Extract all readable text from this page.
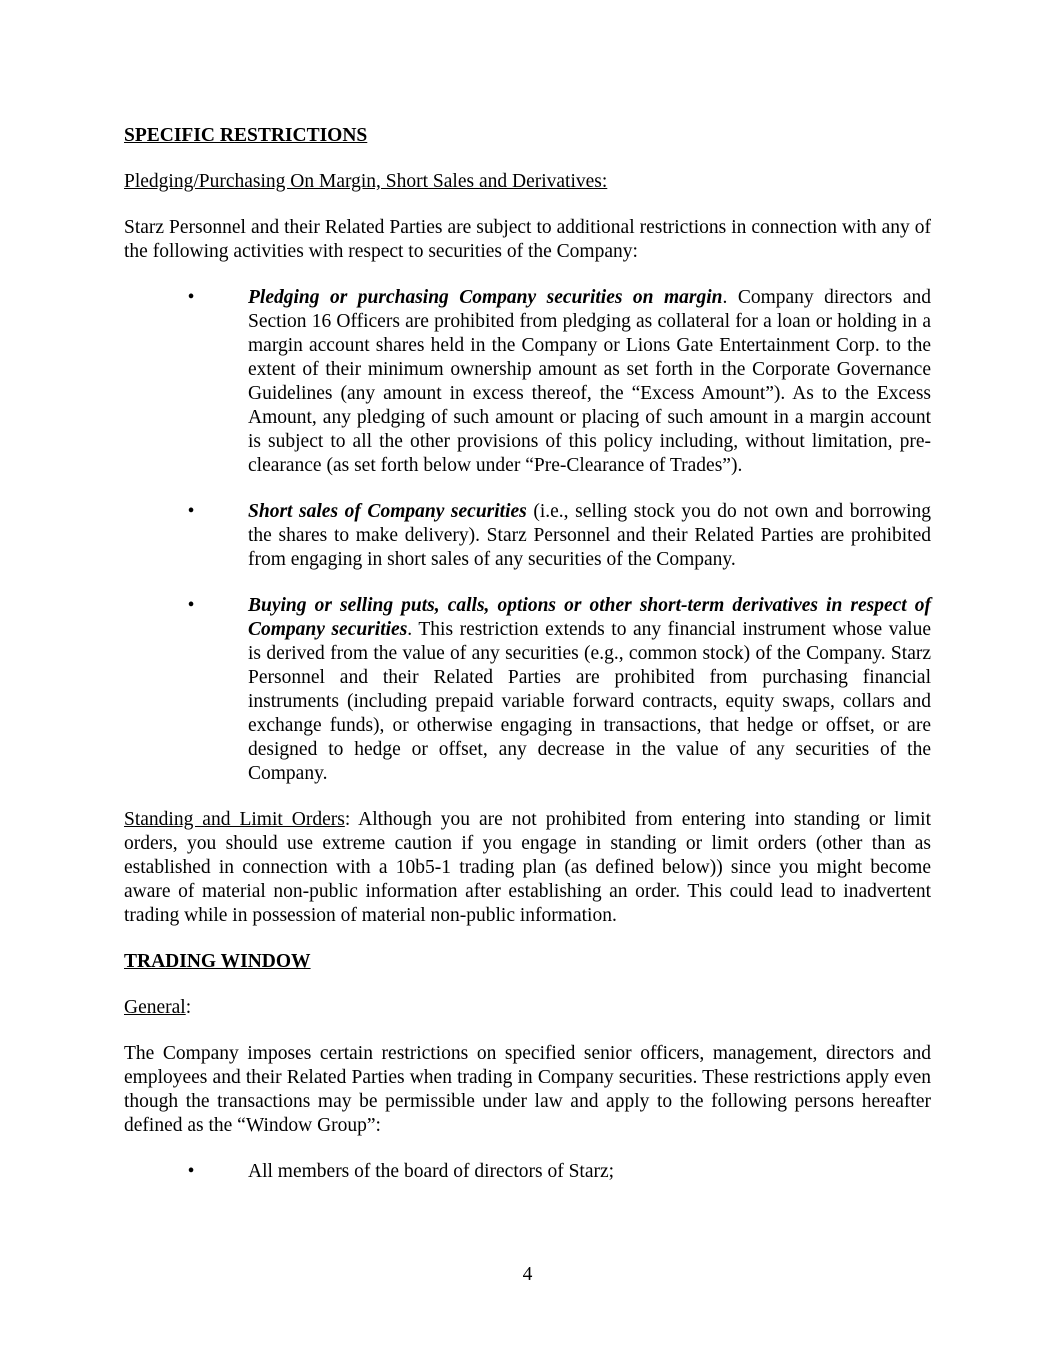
SPECIFIC RESTRICTIONS
Pledging/Purchasing On Margin, Short Sales and Derivatives:

Starz Personnel and their Related Parties are subject to additional restrictions in connection with any of the following activities with respect to securities of the Company:

•	Pledging or purchasing Company securities on margin. Company directors and Section 16 Officers are prohibited from pledging as collateral for a loan or holding in a margin account shares held in the Company or Lions Gate Entertainment Corp. to the extent of their minimum ownership amount as set forth in the Corporate Governance Guidelines (any amount in excess thereof, the “Excess Amount”). As to the Excess Amount, any pledging of such amount or placing of such amount in a margin account is subject to all the other provisions of this policy including, without limitation, pre-clearance (as set forth below under “Pre-Clearance of Trades”).
•	Short sales of Company securities (i.e., selling stock you do not own and borrowing the shares to make delivery). Starz Personnel and their Related Parties are prohibited from engaging in short sales of any securities of the Company.
•	Buying or selling puts, calls, options or other short-term derivatives in respect of Company securities. This restriction extends to any financial instrument whose value is derived from the value of any securities (e.g., common stock) of the Company. Starz Personnel and their Related Parties are prohibited from purchasing financial instruments (including prepaid variable forward contracts, equity swaps, collars and exchange funds), or otherwise engaging in transactions, that hedge or offset, or are designed to hedge or offset, any decrease in the value of any securities of the Company.

Standing and Limit Orders: Although you are not prohibited from entering into standing or limit orders, you should use extreme caution if you engage in standing or limit orders (other than as established in connection with a 10b5-1 trading plan (as defined below)) since you might become aware of material non-public information after establishing an order. This could lead to inadvertent trading while in possession of material non-public information.

TRADING WINDOW
General:

The Company imposes certain restrictions on specified senior officers, management, directors and employees and their Related Parties when trading in Company securities. These restrictions apply even though the transactions may be permissible under law and apply to the following persons hereafter defined as the “Window Group”:

•	All members of the board of directors of Starz;
4
